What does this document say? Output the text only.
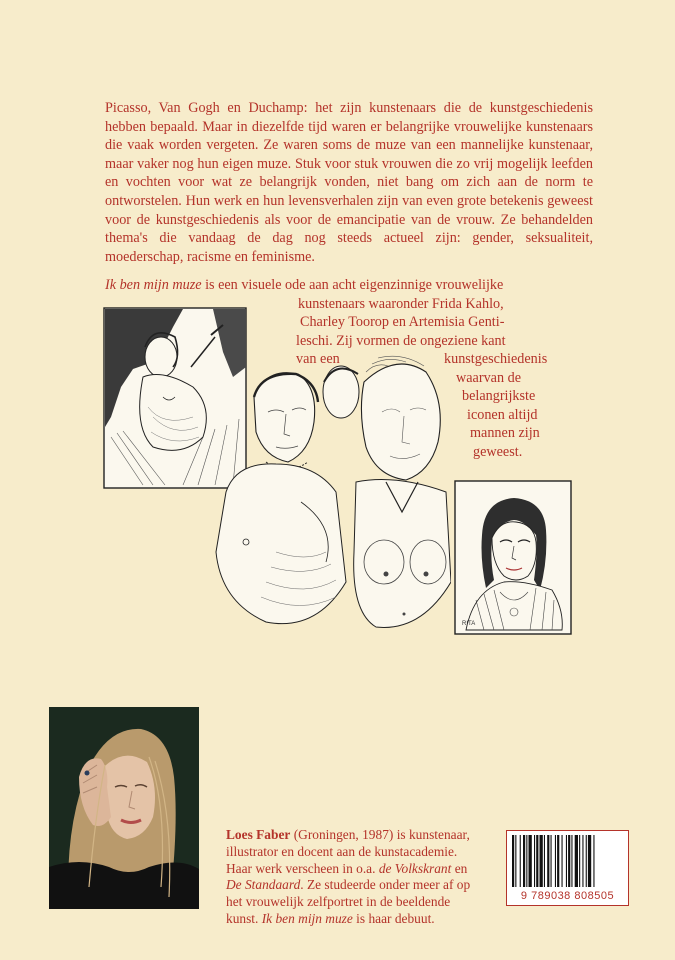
Picasso, Van Gogh en Duchamp: het zijn kunstenaars die de kunstgeschiedenis hebben bepaald. Maar in diezelfde tijd waren er belangrijke vrouwelijke kunstenaars die vaak worden vergeten. Ze waren soms de muze van een mannelijke kunstenaar, maar vaker nog hun eigen muze. Stuk voor stuk vrouwen die zo vrij mogelijk leefden en vochten voor wat ze belangrijk vonden, niet bang om zich aan de norm te ontworstelen. Hun werk en hun levensverhalen zijn van even grote betekenis geweest voor de kunstgeschiedenis als voor de emancipatie van de vrouw. Ze behandelden thema's die vandaag de dag nog steeds actueel zijn: gender, seksualiteit, moederschap, racisme en feminisme.

Ik ben mijn muze is een visuele ode aan acht eigenzinnige vrouwelijke
kunstenaars waaronder Frida Kahlo,
Charley Toorop en Artemisia Genti-
leschi. Zij vormen de ongeziene kant
van een	kunstgeschiedenis
waarvan de
belangrijkste
iconen altijd
mannen zijn
geweest.
RITA

Loes Faber (Groningen, 1987) is kunstenaar, illustrator en docent aan de kunstacademie. Haar werk verscheen in o.a. de Volkskrant en De Standaard. Ze studeerde onder meer af op het vrouwelijk zelfportret in de beeldende kunst. Ik ben mijn muze is haar debuut.

9 789038 808505
